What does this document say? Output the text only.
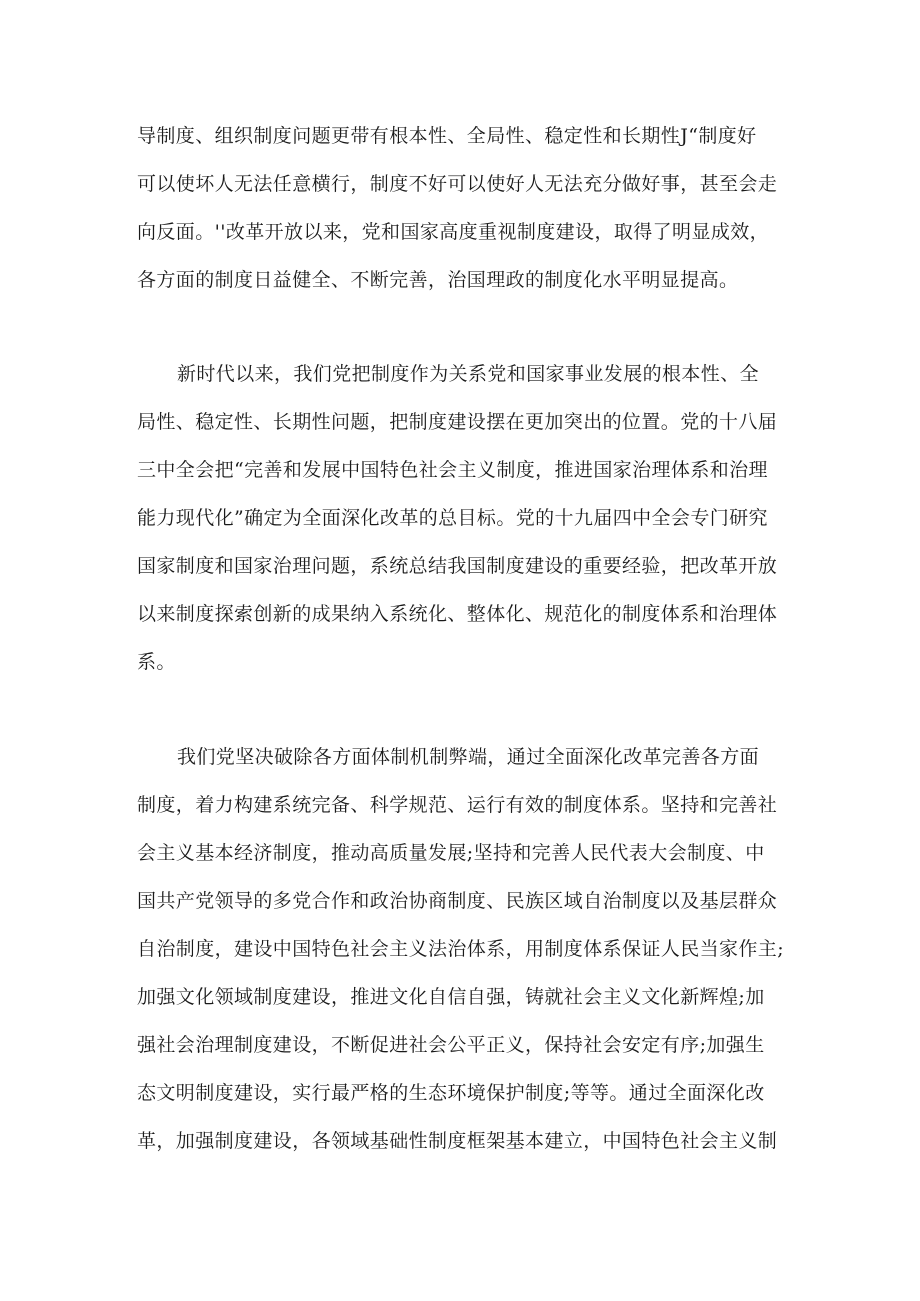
导制度、组织制度问题更带有根本性、全局性、稳定性和长期性J“制度好
可以使坏人无法任意横行，制度不好可以使好人无法充分做好事，甚至会走
向反面。''改革开放以来，党和国家高度重视制度建设，取得了明显成效，
各方面的制度日益健全、不断完善，治国理政的制度化水平明显提高。
新时代以来，我们党把制度作为关系党和国家事业发展的根本性、全
局性、稳定性、长期性问题，把制度建设摆在更加突出的位置。党的十八届
三中全会把“完善和发展中国特色社会主义制度，推进国家治理体系和治理
能力现代化”确定为全面深化改革的总目标。党的十九届四中全会专门研究
国家制度和国家治理问题，系统总结我国制度建设的重要经验，把改革开放
以来制度探索创新的成果纳入系统化、整体化、规范化的制度体系和治理体
系。
我们党坚决破除各方面体制机制弊端，通过全面深化改革完善各方面
制度，着力构建系统完备、科学规范、运行有效的制度体系。坚持和完善社
会主义基本经济制度，推动高质量发展;坚持和完善人民代表大会制度、中
国共产党领导的多党合作和政治协商制度、民族区域自治制度以及基层群众
自治制度，建设中国特色社会主义法治体系，用制度体系保证人民当家作主;
加强文化领域制度建设，推进文化自信自强，铸就社会主义文化新辉煌;加
强社会治理制度建设，不断促进社会公平正义，保持社会安定有序;加强生
态文明制度建设，实行最严格的生态环境保护制度;等等。通过全面深化改
革，加强制度建设，各领域基础性制度框架基本建立，中国特色社会主义制
